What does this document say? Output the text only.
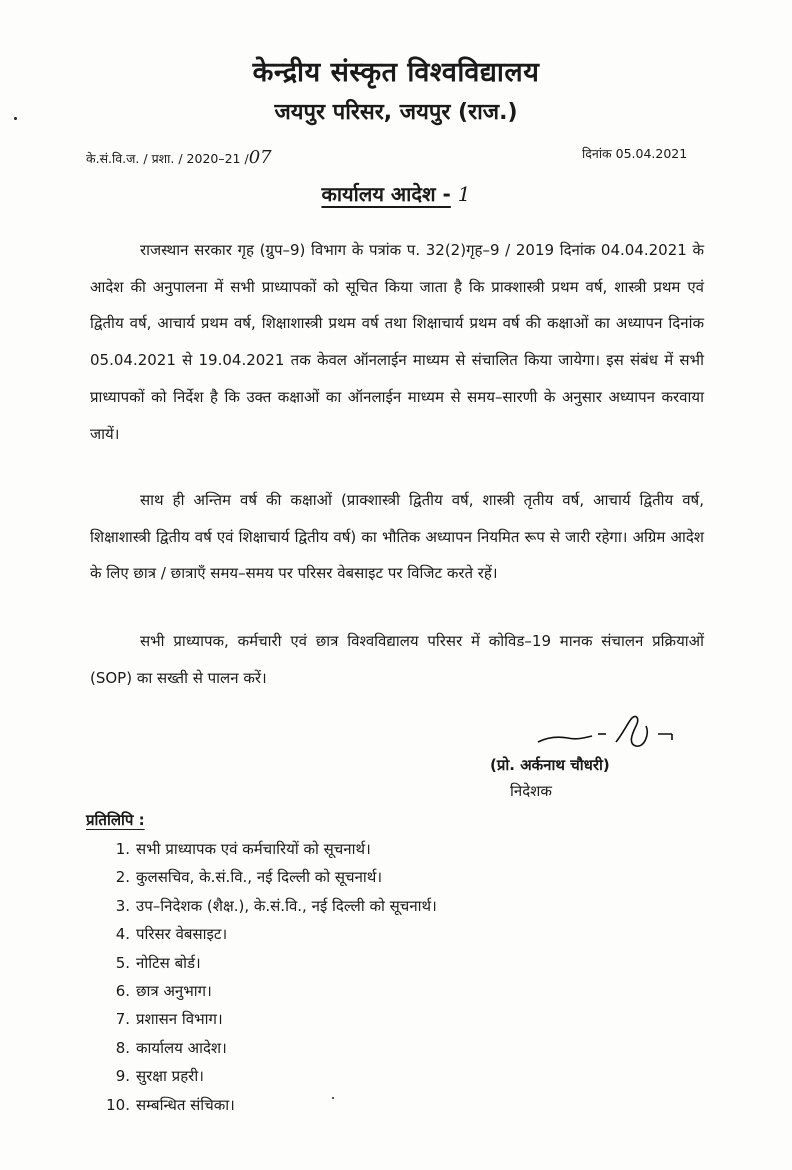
केन्द्रीय संस्कृत विश्वविद्यालय
जयपुर परिसर, जयपुर (राज.)
के.सं.वि.ज. / प्रशा. / 2020–21 /07	दिनांक 05.04.2021
कार्यालय आदेश - 1

राजस्थान सरकार गृह (ग्रुप–9) विभाग के पत्रांक प. 32(2)गृह–9 / 2019 दिनांक 04.04.2021 के आदेश की अनुपालना में सभी प्राध्यापकों को सूचित किया जाता है कि प्राक्शास्त्री प्रथम वर्ष, शास्त्री प्रथम एवं द्वितीय वर्ष, आचार्य प्रथम वर्ष, शिक्षाशास्त्री प्रथम वर्ष तथा शिक्षाचार्य प्रथम वर्ष की कक्षाओं का अध्यापन दिनांक 05.04.2021 से 19.04.2021 तक केवल ऑनलाईन माध्यम से संचालित किया जायेगा। इस संबंध में सभी प्राध्यापकों को निर्देश है कि उक्त कक्षाओं का ऑनलाईन माध्यम से समय–सारणी के अनुसार अध्यापन करवाया जायें।

साथ ही अन्तिम वर्ष की कक्षाओं (प्राक्शास्त्री द्वितीय वर्ष, शास्त्री तृतीय वर्ष, आचार्य द्वितीय वर्ष, शिक्षाशास्त्री द्वितीय वर्ष एवं शिक्षाचार्य द्वितीय वर्ष) का भौतिक अध्यापन नियमित रूप से जारी रहेगा। अग्रिम आदेश के लिए छात्र / छात्राएँ समय–समय पर परिसर वेबसाइट पर विजिट करते रहें।

सभी प्राध्यापक, कर्मचारी एवं छात्र विश्वविद्यालय परिसर में कोविड–19 मानक संचालन प्रक्रियाओं (SOP) का सख्ती से पालन करें।

(प्रो. अर्कनाथ चौधरी)
निदेशक
प्रतिलिपि :
1. सभी प्राध्यापक एवं कर्मचारियों को सूचनार्थ।
2. कुलसचिव, के.सं.वि., नई दिल्ली को सूचनार्थ।
3. उप–निदेशक (शैक्ष.), के.सं.वि., नई दिल्ली को सूचनार्थ।
4. परिसर वेबसाइट।
5. नोटिस बोर्ड।
6. छात्र अनुभाग।
7. प्रशासन विभाग।
8. कार्यालय आदेश।
9. सुरक्षा प्रहरी।
10. सम्बन्धित संचिका।
